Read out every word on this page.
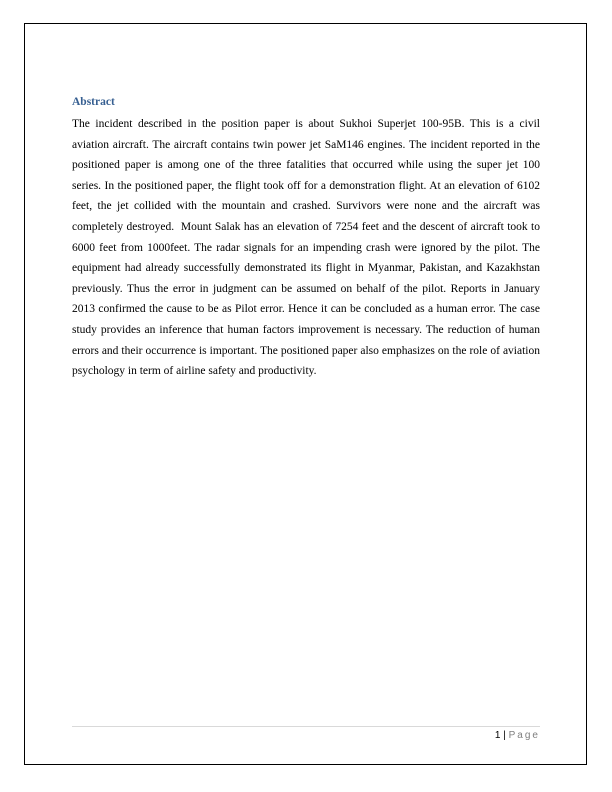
Abstract

The incident described in the position paper is about Sukhoi Superjet 100-95B. This is a civil aviation aircraft. The aircraft contains twin power jet SaM146 engines. The incident reported in the positioned paper is among one of the three fatalities that occurred while using the super jet 100 series. In the positioned paper, the flight took off for a demonstration flight. At an elevation of 6102 feet, the jet collided with the mountain and crashed. Survivors were none and the aircraft was completely destroyed.  Mount Salak has an elevation of 7254 feet and the descent of aircraft took to 6000 feet from 1000feet. The radar signals for an impending crash were ignored by the pilot. The equipment had already successfully demonstrated its flight in Myanmar, Pakistan, and Kazakhstan previously. Thus the error in judgment can be assumed on behalf of the pilot. Reports in January 2013 confirmed the cause to be as Pilot error. Hence it can be concluded as a human error. The case study provides an inference that human factors improvement is necessary. The reduction of human errors and their occurrence is important. The positioned paper also emphasizes on the role of aviation psychology in term of airline safety and productivity.

1 | Page
